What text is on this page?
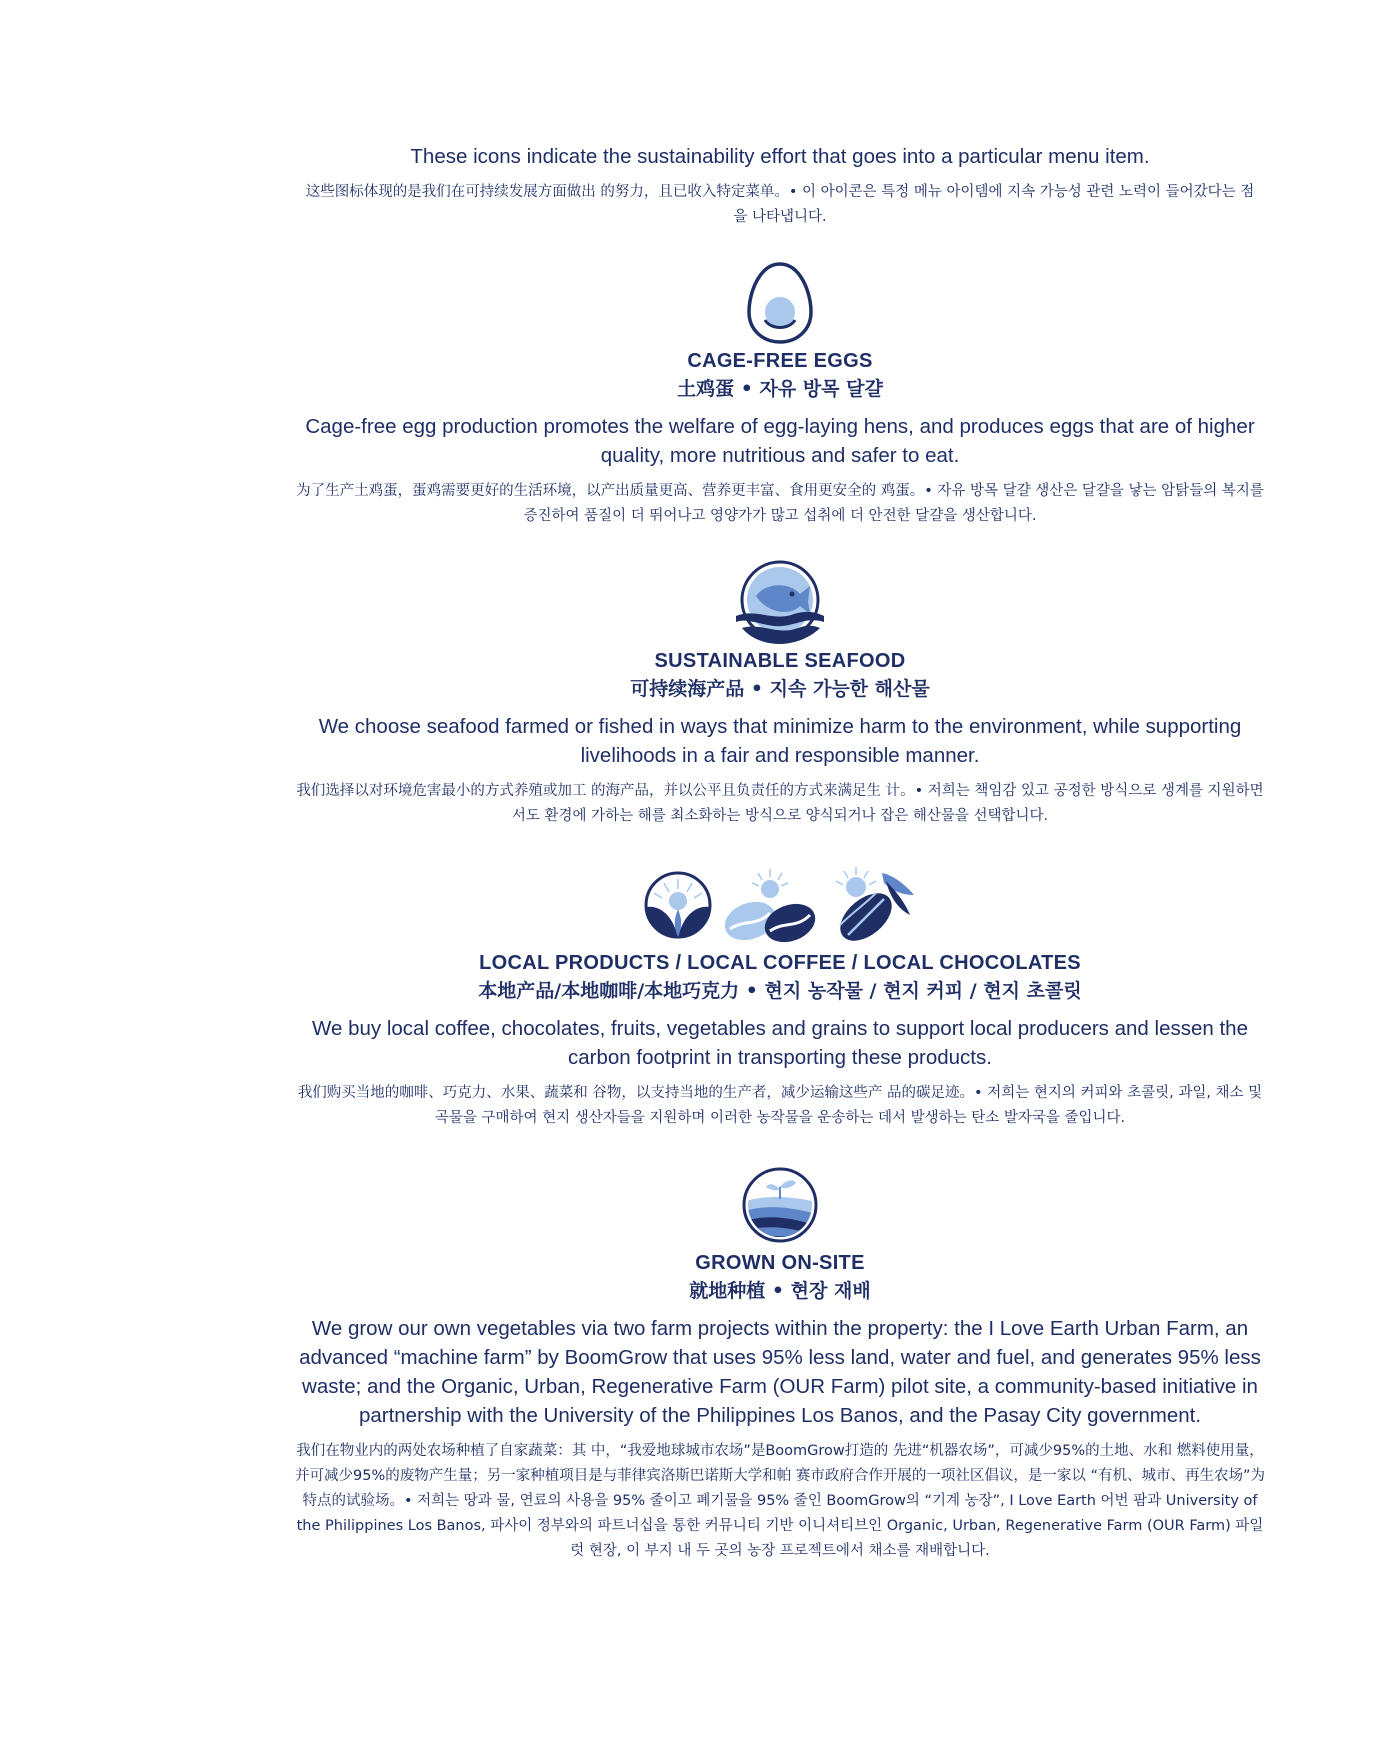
These icons indicate the sustainability effort that goes into a particular menu item.
这些图标体现的是我们在可持续发展方面做出 的努力，且已收入特定菜单。• 이 아이콘은 특정 메뉴 아이템에 지속 가능성 관련 노력이 들어갔다는 점을 나타냅니다.
CAGE-FREE EGGS
土鸡蛋 • 자유 방목 달걀
Cage-free egg production promotes the welfare of egg-laying hens, and produces eggs that are of higher quality, more nutritious and safer to eat.
为了生产土鸡蛋，蛋鸡需要更好的生活环境，以产出质量更高、营养更丰富、食用更安全的 鸡蛋。• 자유 방목 달걀 생산은 달걀을 낳는 암탉들의 복지를 증진하여 품질이 더 뛰어나고 영양가가 많고 섭취에 더 안전한 달걀을 생산합니다.
SUSTAINABLE SEAFOOD
可持续海产品 • 지속 가능한 해산물
We choose seafood farmed or fished in ways that minimize harm to the environment, while supporting livelihoods in a fair and responsible manner.
我们选择以对环境危害最小的方式养殖或加工 的海产品，并以公平且负责任的方式来满足生 计。• 저희는 책임감 있고 공정한 방식으로 생계를 지원하면서도 환경에 가하는 해를 최소화하는 방식으로 양식되거나 잡은 해산물을 선택합니다.
LOCAL PRODUCTS / LOCAL COFFEE / LOCAL CHOCOLATES
本地产品/本地咖啡/本地巧克力 • 현지 농작물 / 현지 커피 / 현지 초콜릿
We buy local coffee, chocolates, fruits, vegetables and grains to support local producers and lessen the carbon footprint in transporting these products.
我们购买当地的咖啡、巧克力、水果、蔬菜和 谷物，以支持当地的生产者，减少运输这些产 品的碳足迹。• 저희는 현지의 커피와 초콜릿, 과일, 채소 및 곡물을 구매하여 현지 생산자들을 지원하며 이러한 농작물을 운송하는 데서 발생하는 탄소 발자국을 줄입니다.
GROWN ON-SITE
就地种植 • 현장 재배
We grow our own vegetables via two farm projects within the property: the I Love Earth Urban Farm, an advanced “machine farm” by BoomGrow that uses 95% less land, water and fuel, and generates 95% less waste; and the Organic, Urban, Regenerative Farm (OUR Farm) pilot site, a community-based initiative in partnership with the University of the Philippines Los Banos, and the Pasay City government.
我们在物业内的两处农场种植了自家蔬菜：其 中，“我爱地球城市农场”是BoomGrow打造的 先进“机器农场”，可减少95%的土地、水和 燃料使用量，并可减少95%的废物产生量；另一家种植项目是与菲律宾洛斯巴诺斯大学和帕 赛市政府合作开展的一项社区倡议，是一家以 “有机、城市、再生农场”为特点的试验场。• 저희는 땅과 물, 연료의 사용을 95% 줄이고 폐기물을 95% 줄인 BoomGrow의 “기계 농장”, I Love Earth 어번 팜과 University of the Philippines Los Banos, 파사이 정부와의 파트너십을 통한 커뮤니티 기반 이니셔티브인 Organic, Urban, Regenerative Farm (OUR Farm) 파일럿 현장, 이 부지 내 두 곳의 농장 프로젝트에서 채소를 재배합니다.
